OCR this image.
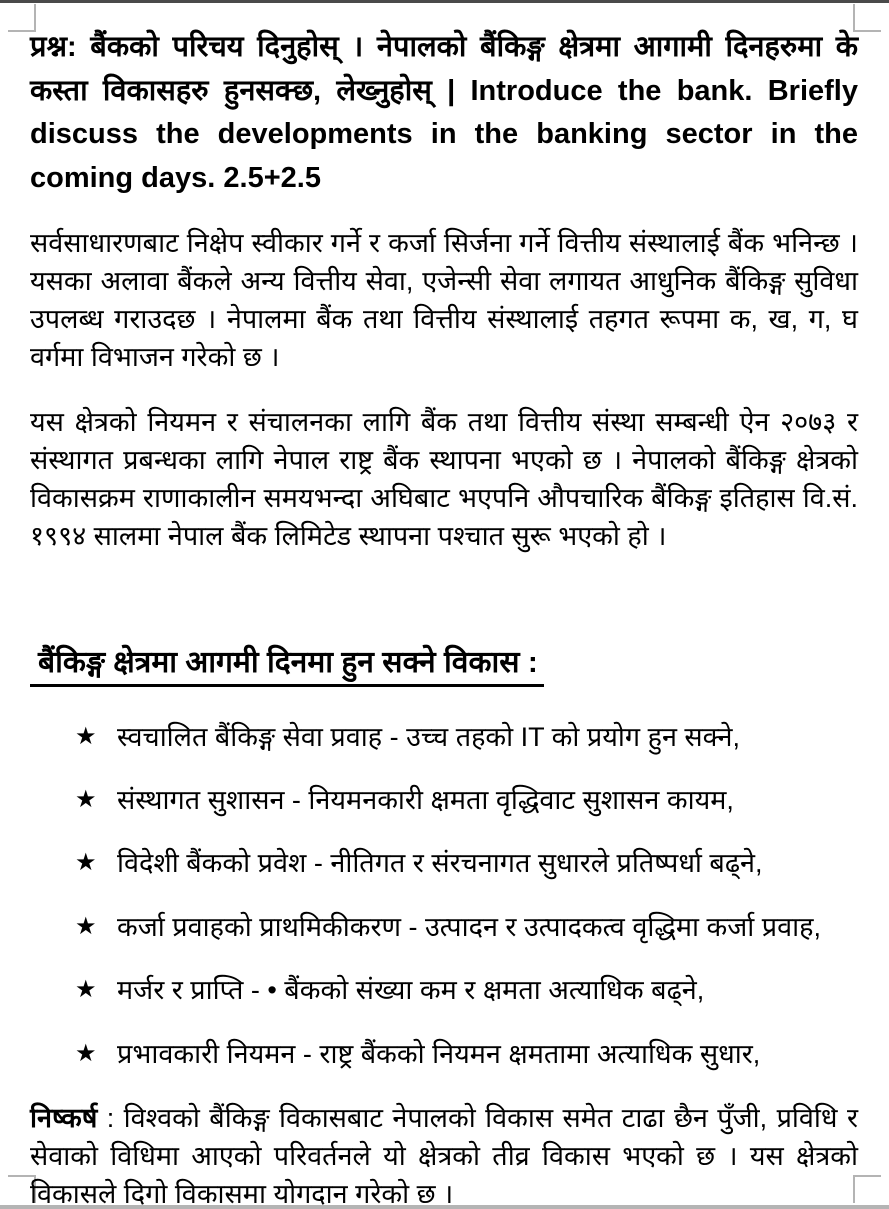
प्रश्न: बैंकको परिचय दिनुहोस् । नेपालको बैंकिङ्ग क्षेत्रमा आगामी दिनहरुमा के कस्ता विकासहरु हुनसक्छ, लेख्नुहोस् | Introduce the bank. Briefly discuss the developments in the banking sector in the coming days. 2.5+2.5

सर्वसाधारणबाट निक्षेप स्वीकार गर्ने र कर्जा सिर्जना गर्ने वित्तीय संस्थालाई बैंक भनिन्छ । यसका अलावा बैंकले अन्य वित्तीय सेवा, एजेन्सी सेवा लगायत आधुनिक बैंकिङ्ग सुविधा उपलब्ध गराउदछ । नेपालमा बैंक तथा वित्तीय संस्थालाई तहगत रूपमा क, ख, ग, घ वर्गमा विभाजन गरेको छ ।

यस क्षेत्रको नियमन र संचालनका लागि बैंक तथा वित्तीय संस्था सम्बन्धी ऐन २०७३ र संस्थागत प्रबन्धका लागि नेपाल राष्ट्र बैंक स्थापना भएको छ । नेपालको बैंकिङ्ग क्षेत्रको विकासक्रम राणाकालीन समयभन्दा अघिबाट भएपनि औपचारिक बैंकिङ्ग इतिहास वि.सं. १९९४ सालमा नेपाल बैंक लिमिटेड स्थापना पश्चात सुरू भएको हो ।

बैंकिङ्ग क्षेत्रमा आगमी दिनमा हुन सक्ने विकास :
★ स्वचालित बैंकिङ्ग सेवा प्रवाह - उच्च तहको IT को प्रयोग हुन सक्ने,
★ संस्थागत सुशासन - नियमनकारी क्षमता वृद्धिवाट सुशासन कायम,
★ विदेशी बैंकको प्रवेश - नीतिगत र संरचनागत सुधारले प्रतिष्पर्धा बढ्ने,
★ कर्जा प्रवाहको प्राथमिकीकरण - उत्पादन र उत्पादकत्व वृद्धिमा कर्जा प्रवाह,
★ मर्जर र प्राप्ति - • बैंकको संख्या कम र क्षमता अत्याधिक बढ्ने,
★ प्रभावकारी नियमन - राष्ट्र बैंकको नियमन क्षमतामा अत्याधिक सुधार,

निष्कर्ष : विश्वको बैंकिङ्ग विकासबाट नेपालको विकास समेत टाढा छैन पुँजी, प्रविधि र सेवाको विधिमा आएको परिवर्तनले यो क्षेत्रको तीव्र विकास भएको छ । यस क्षेत्रको विकासले दिगो विकासमा योगदान गरेको छ ।
